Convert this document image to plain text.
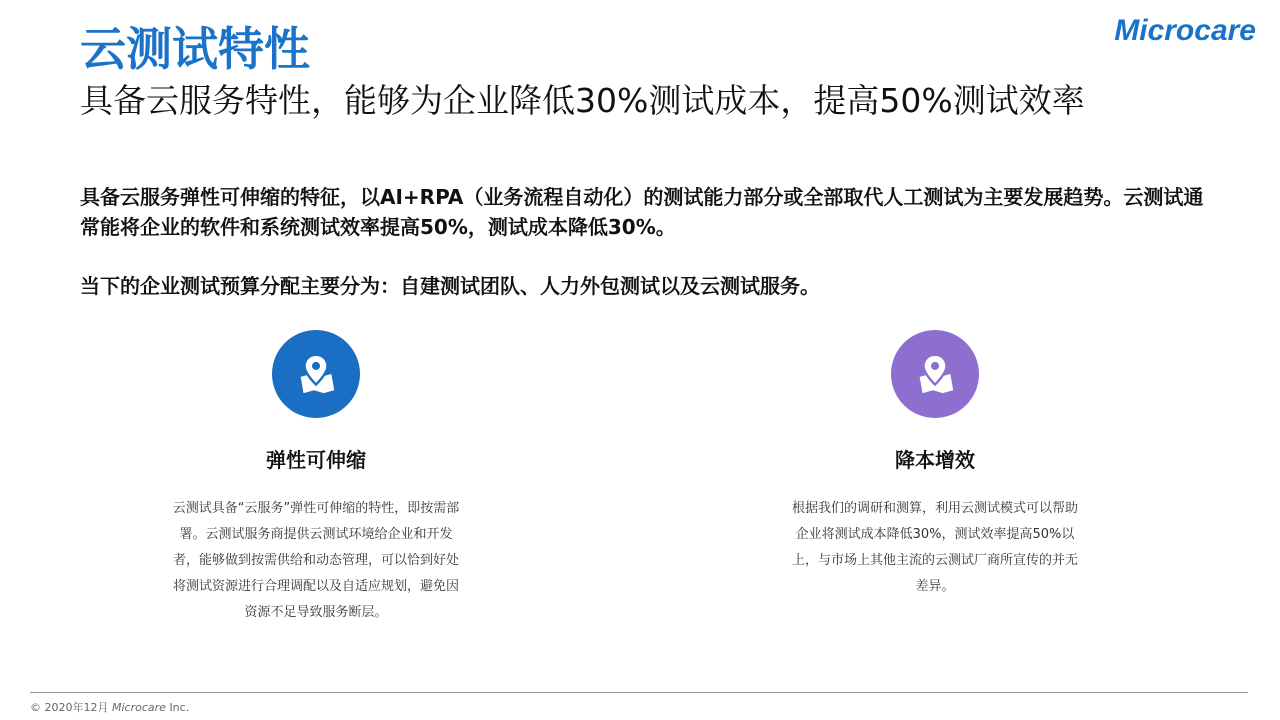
云测试特性	Microcare
具备云服务特性，能够为企业降低30%测试成本，提高50%测试效率
具备云服务弹性可伸缩的特征，以AI+RPA（业务流程自动化）的测试能力部分或全部取代人工测试为主要发展趋势。云测试通常能将企业的软件和系统测试效率提高50%，测试成本降低30%。
当下的企业测试预算分配主要分为：自建测试团队、人力外包测试以及云测试服务。
弹性可伸缩
云测试具备“云服务”弹性可伸缩的特性，即按需部署。云测试服务商提供云测试环境给企业和开发者，能够做到按需供给和动态管理，可以恰到好处将测试资源进行合理调配以及自适应规划，避免因资源不足导致服务断层。
降本增效
根据我们的调研和测算，利用云测试模式可以帮助企业将测试成本降低30%，测试效率提高50%以上，与市场上其他主流的云测试厂商所宣传的并无差异。
© 2020年12月 Microcare Inc.
